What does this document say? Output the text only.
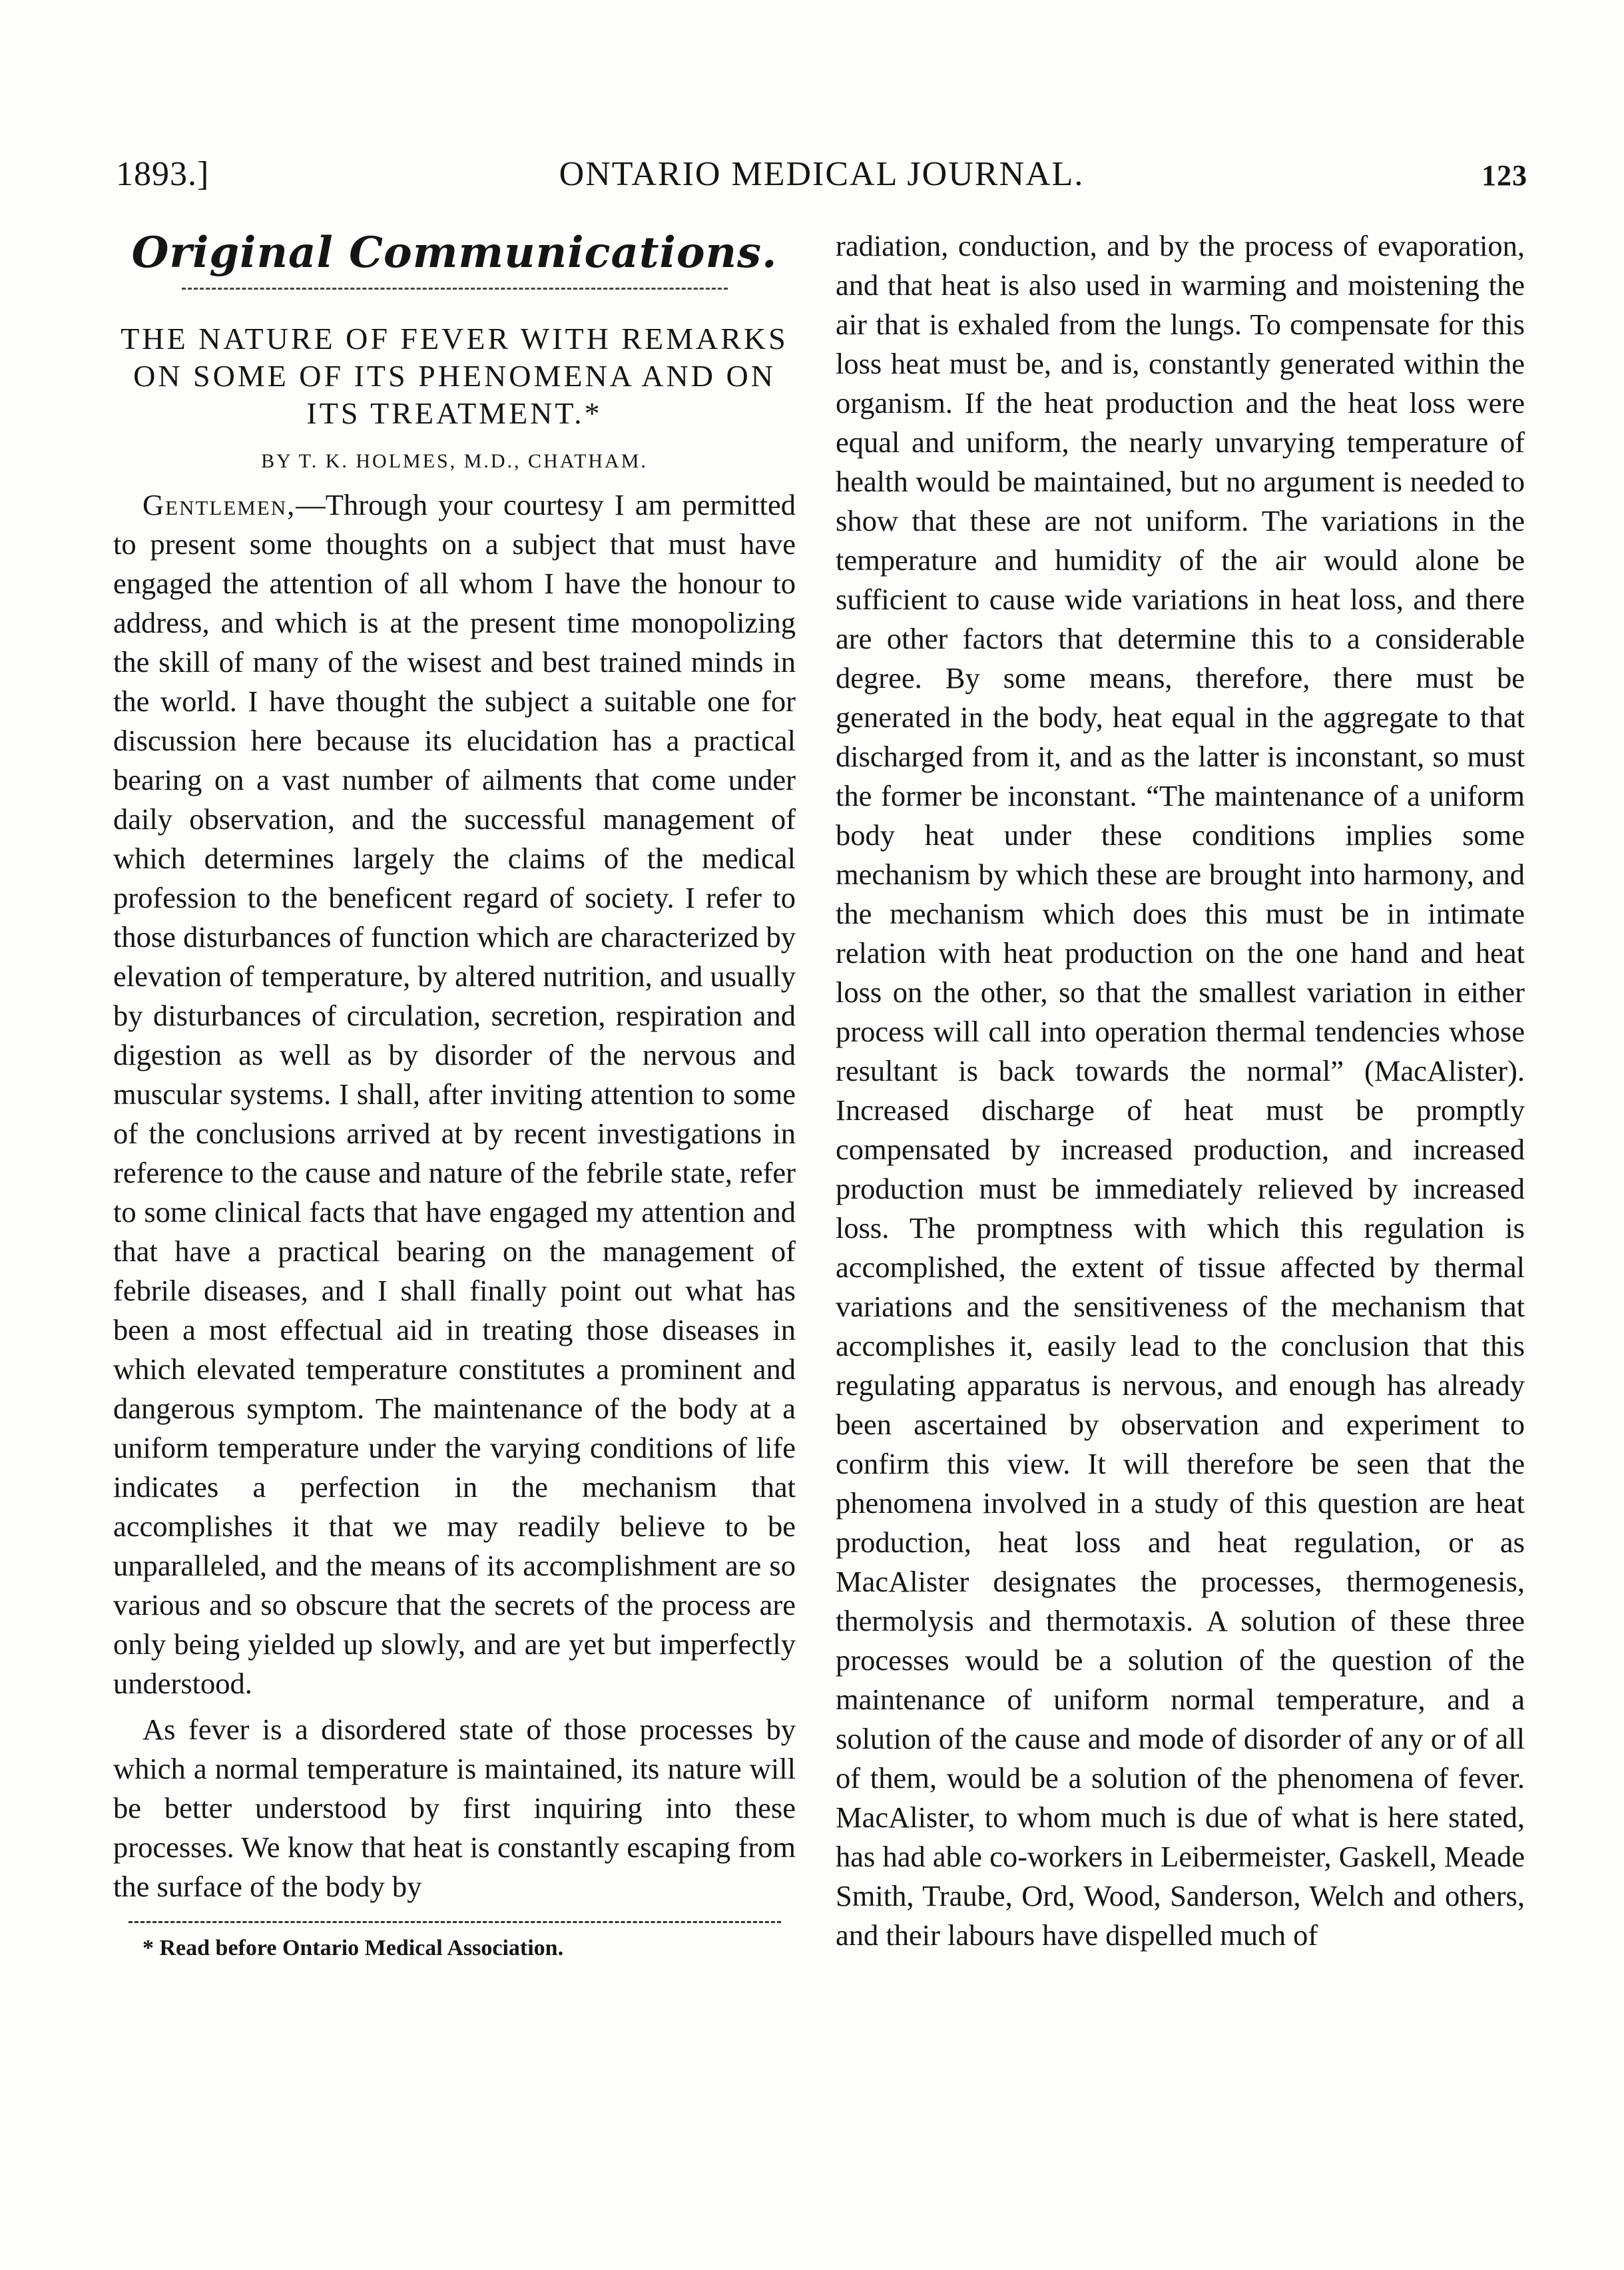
1893.]	ONTARIO MEDICAL JOURNAL.	123
Original Communications.
THE NATURE OF FEVER WITH REMARKS ON SOME OF ITS PHENOMENA AND ON ITS TREATMENT.*
BY T. K. HOLMES, M.D., CHATHAM.

Gentlemen,—Through your courtesy I am permitted to present some thoughts on a subject that must have engaged the attention of all whom I have the honour to address, and which is at the present time monopolizing the skill of many of the wisest and best trained minds in the world. I have thought the subject a suitable one for discussion here because its elucidation has a practical bearing on a vast number of ailments that come under daily observation, and the successful management of which determines largely the claims of the medical profession to the beneficent regard of society. I refer to those disturbances of function which are characterized by elevation of temperature, by altered nutrition, and usually by disturbances of circulation, secretion, respiration and digestion as well as by disorder of the nervous and muscular systems. I shall, after inviting attention to some of the conclusions arrived at by recent investigations in reference to the cause and nature of the febrile state, refer to some clinical facts that have engaged my attention and that have a practical bearing on the management of febrile diseases, and I shall finally point out what has been a most effectual aid in treating those diseases in which elevated temperature constitutes a prominent and dangerous symptom. The maintenance of the body at a uniform temperature under the varying conditions of life indicates a perfection in the mechanism that accomplishes it that we may readily believe to be unparalleled, and the means of its accomplishment are so various and so obscure that the secrets of the process are only being yielded up slowly, and are yet but imperfectly understood.

As fever is a disordered state of those processes by which a normal temperature is maintained, its nature will be better understood by first inquiring into these processes. We know that heat is constantly escaping from the surface of the body by

* Read before Ontario Medical Association.

radiation, conduction, and by the process of evaporation, and that heat is also used in warming and moistening the air that is exhaled from the lungs. To compensate for this loss heat must be, and is, constantly generated within the organism. If the heat production and the heat loss were equal and uniform, the nearly unvarying temperature of health would be maintained, but no argument is needed to show that these are not uniform. The variations in the temperature and humidity of the air would alone be sufficient to cause wide variations in heat loss, and there are other factors that determine this to a considerable degree. By some means, therefore, there must be generated in the body, heat equal in the aggregate to that discharged from it, and as the latter is inconstant, so must the former be inconstant. “The maintenance of a uniform body heat under these conditions implies some mechanism by which these are brought into harmony, and the mechanism which does this must be in intimate relation with heat production on the one hand and heat loss on the other, so that the smallest variation in either process will call into operation thermal tendencies whose resultant is back towards the normal” (MacAlister). Increased discharge of heat must be promptly compensated by increased production, and increased production must be immediately relieved by increased loss. The promptness with which this regulation is accomplished, the extent of tissue affected by thermal variations and the sensitiveness of the mechanism that accomplishes it, easily lead to the conclusion that this regulating apparatus is nervous, and enough has already been ascertained by observation and experiment to confirm this view. It will therefore be seen that the phenomena involved in a study of this question are heat production, heat loss and heat regulation, or as MacAlister designates the processes, thermogenesis, thermolysis and thermotaxis. A solution of these three processes would be a solution of the question of the maintenance of uniform normal temperature, and a solution of the cause and mode of disorder of any or of all of them, would be a solution of the phenomena of fever. MacAlister, to whom much is due of what is here stated, has had able co-workers in Leibermeister, Gaskell, Meade Smith, Traube, Ord, Wood, Sanderson, Welch and others, and their labours have dispelled much of
